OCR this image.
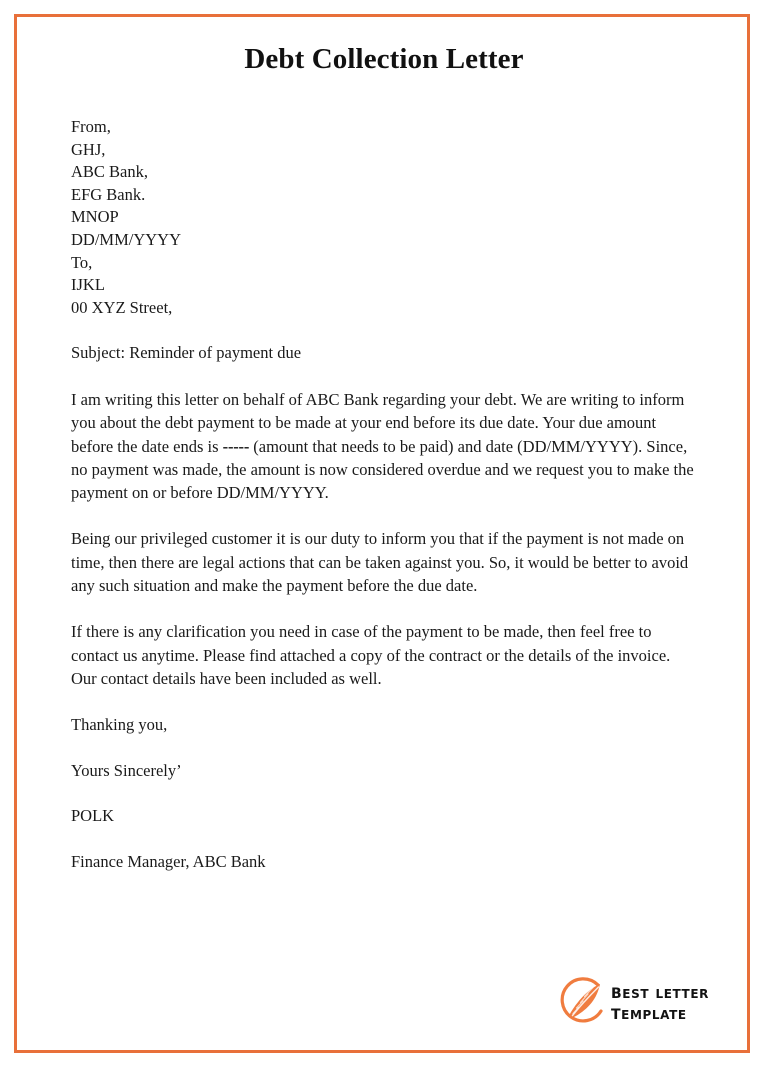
Debt Collection Letter
From,
GHJ,
ABC Bank,
EFG Bank.
MNOP
DD/MM/YYYY
To,
IJKL
00 XYZ Street,
Subject: Reminder of payment due

I am writing this letter on behalf of ABC Bank regarding your debt. We are writing to inform you about the debt payment to be made at your end before its due date. Your due amount before the date ends is ----- (amount that needs to be paid) and date (DD/MM/YYYY). Since, no payment was made, the amount is now considered overdue and we request you to make the payment on or before DD/MM/YYYY.

Being our privileged customer it is our duty to inform you that if the payment is not made on time, then there are legal actions that can be taken against you. So, it would be better to avoid any such situation and make the payment before the due date.

If there is any clarification you need in case of the payment to be made, then feel free to contact us anytime. Please find attached a copy of the contract or the details of the invoice. Our contact details have been included as well.

Thanking you,
Yours Sincerely’
POLK
Finance Manager, ABC Bank
best letter
template
